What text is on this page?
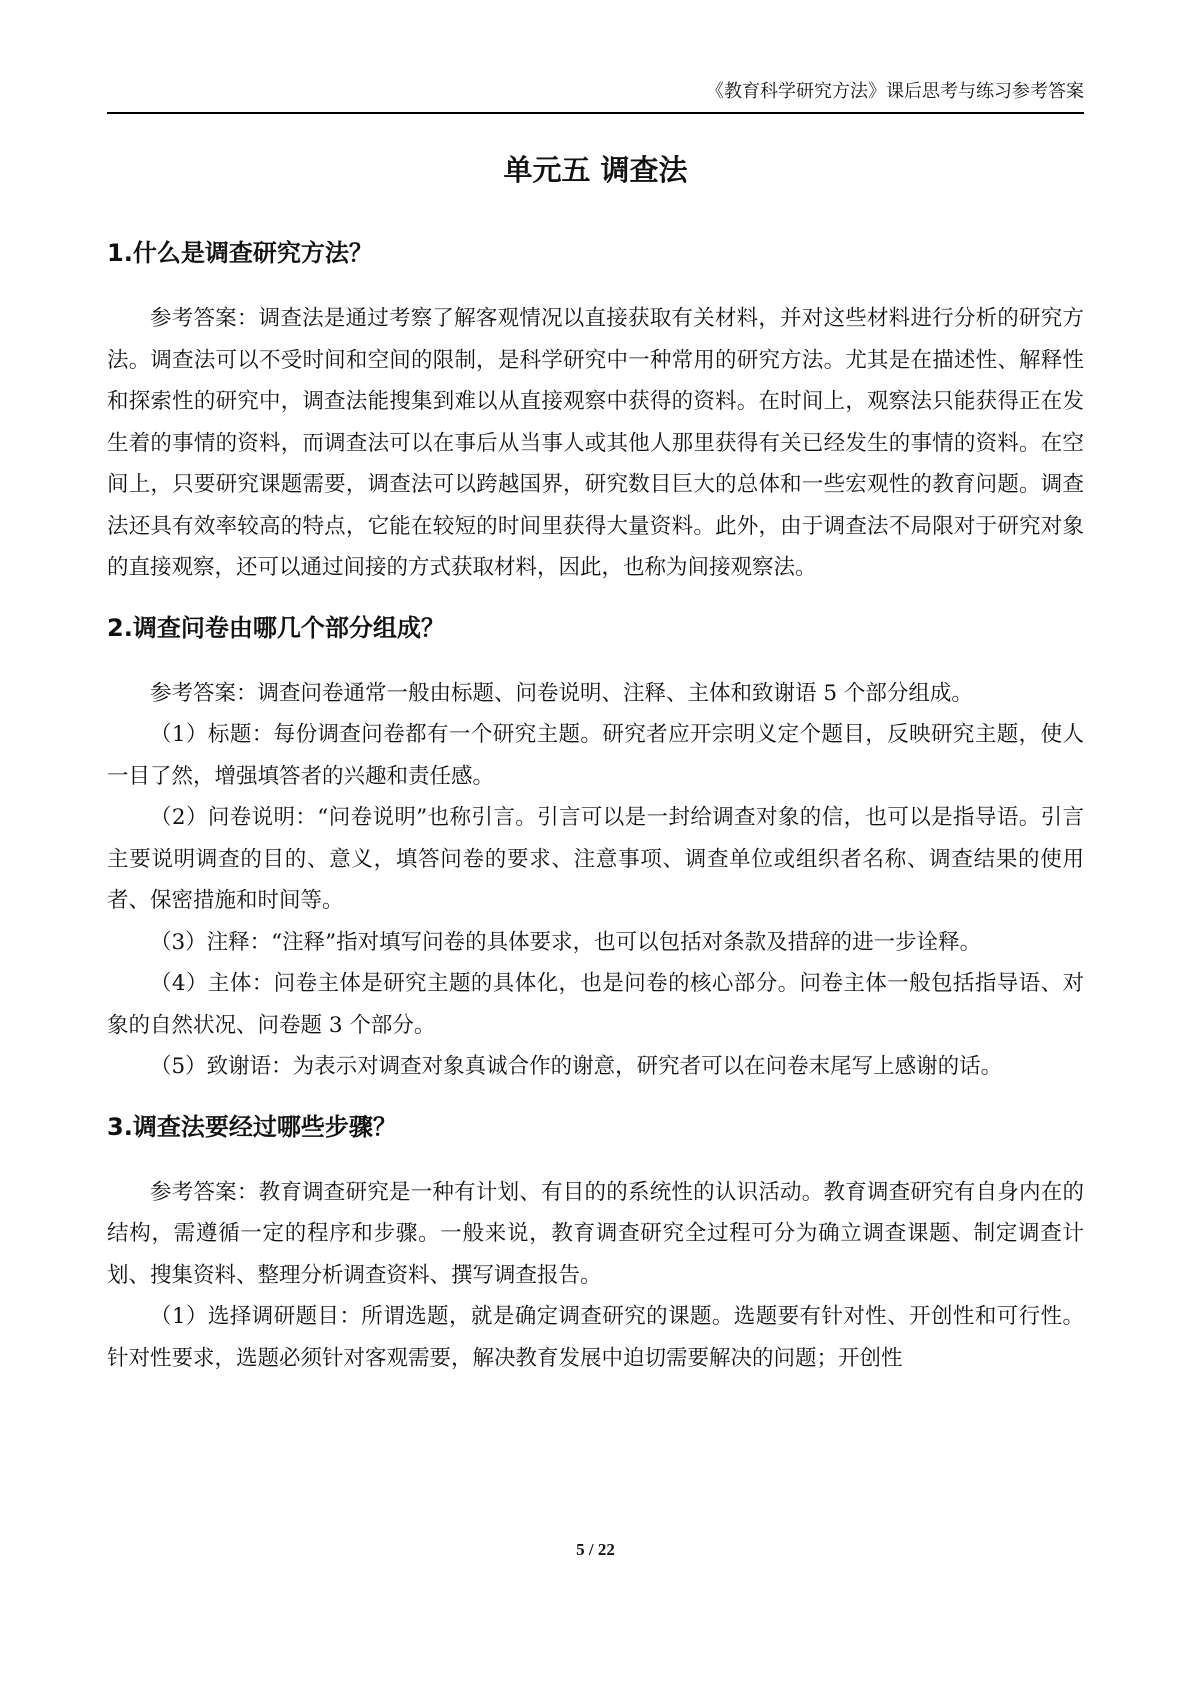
《教育科学研究方法》课后思考与练习参考答案
单元五 调查法
1.什么是调查研究方法？

参考答案：调查法是通过考察了解客观情况以直接获取有关材料，并对这些材料进行分析的研究方法。调查法可以不受时间和空间的限制，是科学研究中一种常用的研究方法。尤其是在描述性、解释性和探索性的研究中，调查法能搜集到难以从直接观察中获得的资料。在时间上，观察法只能获得正在发生着的事情的资料，而调查法可以在事后从当事人或其他人那里获得有关已经发生的事情的资料。在空间上，只要研究课题需要，调查法可以跨越国界，研究数目巨大的总体和一些宏观性的教育问题。调查法还具有效率较高的特点，它能在较短的时间里获得大量资料。此外，由于调查法不局限对于研究对象的直接观察，还可以通过间接的方式获取材料，因此，也称为间接观察法。

2.调查问卷由哪几个部分组成？

参考答案：调查问卷通常一般由标题、问卷说明、注释、主体和致谢语 5 个部分组成。

（1）标题：每份调查问卷都有一个研究主题。研究者应开宗明义定个题目，反映研究主题，使人一目了然，增强填答者的兴趣和责任感。

（2）问卷说明：“问卷说明”也称引言。引言可以是一封给调查对象的信，也可以是指导语。引言主要说明调查的目的、意义，填答问卷的要求、注意事项、调查单位或组织者名称、调查结果的使用者、保密措施和时间等。

（3）注释：“注释”指对填写问卷的具体要求，也可以包括对条款及措辞的进一步诠释。

（4）主体：问卷主体是研究主题的具体化，也是问卷的核心部分。问卷主体一般包括指导语、对象的自然状况、问卷题 3 个部分。

（5）致谢语：为表示对调查对象真诚合作的谢意，研究者可以在问卷末尾写上感谢的话。

3.调查法要经过哪些步骤？

参考答案：教育调查研究是一种有计划、有目的的系统性的认识活动。教育调查研究有自身内在的结构，需遵循一定的程序和步骤。一般来说，教育调查研究全过程可分为确立调查课题、制定调查计划、搜集资料、整理分析调查资料、撰写调查报告。

（1）选择调研题目：所谓选题，就是确定调查研究的课题。选题要有针对性、开创性和可行性。针对性要求，选题必须针对客观需要，解决教育发展中迫切需要解决的问题；开创性

5 / 22
